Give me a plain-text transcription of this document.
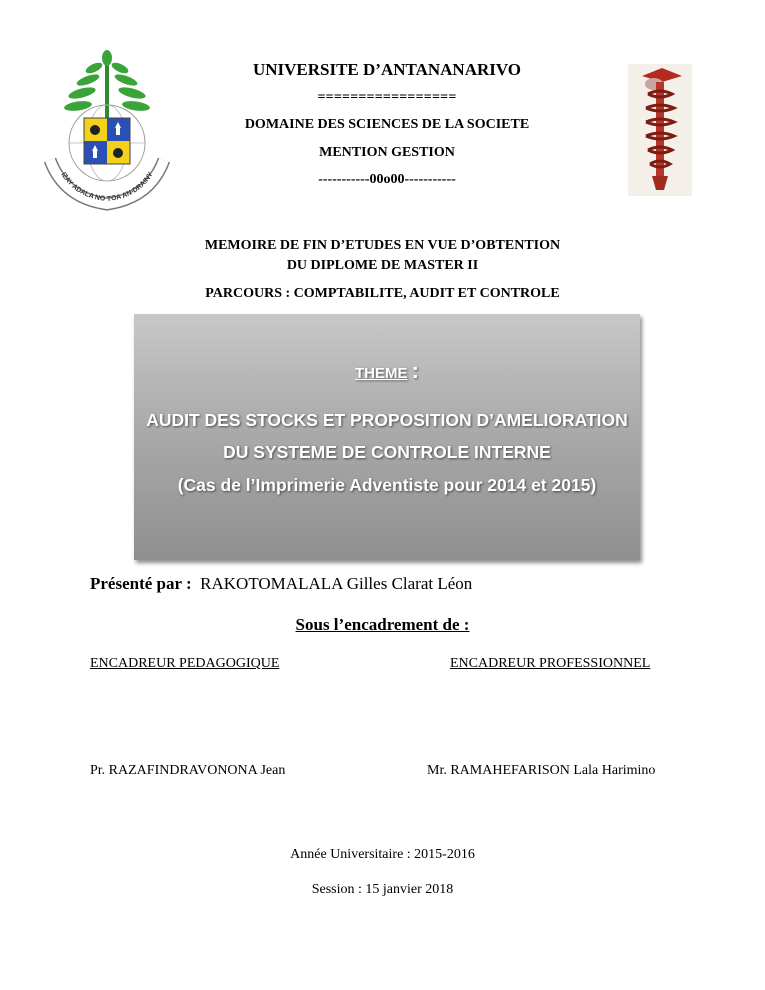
IZAY ADALA NO TOA AN-DRAINY
UNIVERSITE D’ANTANANARIVO
=================
DOMAINE DES SCIENCES DE LA SOCIETE
MENTION GESTION
-----------00o00-----------
MEMOIRE DE FIN D’ETUDES EN VUE D’OBTENTION
DU DIPLOME DE MASTER II
PARCOURS : COMPTABILITE, AUDIT ET CONTROLE
THEME :
AUDIT DES STOCKS ET PROPOSITION D’AMELIORATION DU SYSTEME DE CONTROLE INTERNE
(Cas de l’Imprimerie Adventiste pour 2014 et 2015)
Présenté par : RAKOTOMALALA Gilles Clarat Léon
Sous l’encadrement de :
ENCADREUR PEDAGOGIQUE	ENCADREUR PROFESSIONNEL
Pr. RAZAFINDRAVONONA Jean	Mr. RAMAHEFARISON Lala Harimino
Année Universitaire : 2015-2016
Session : 15 janvier 2018
